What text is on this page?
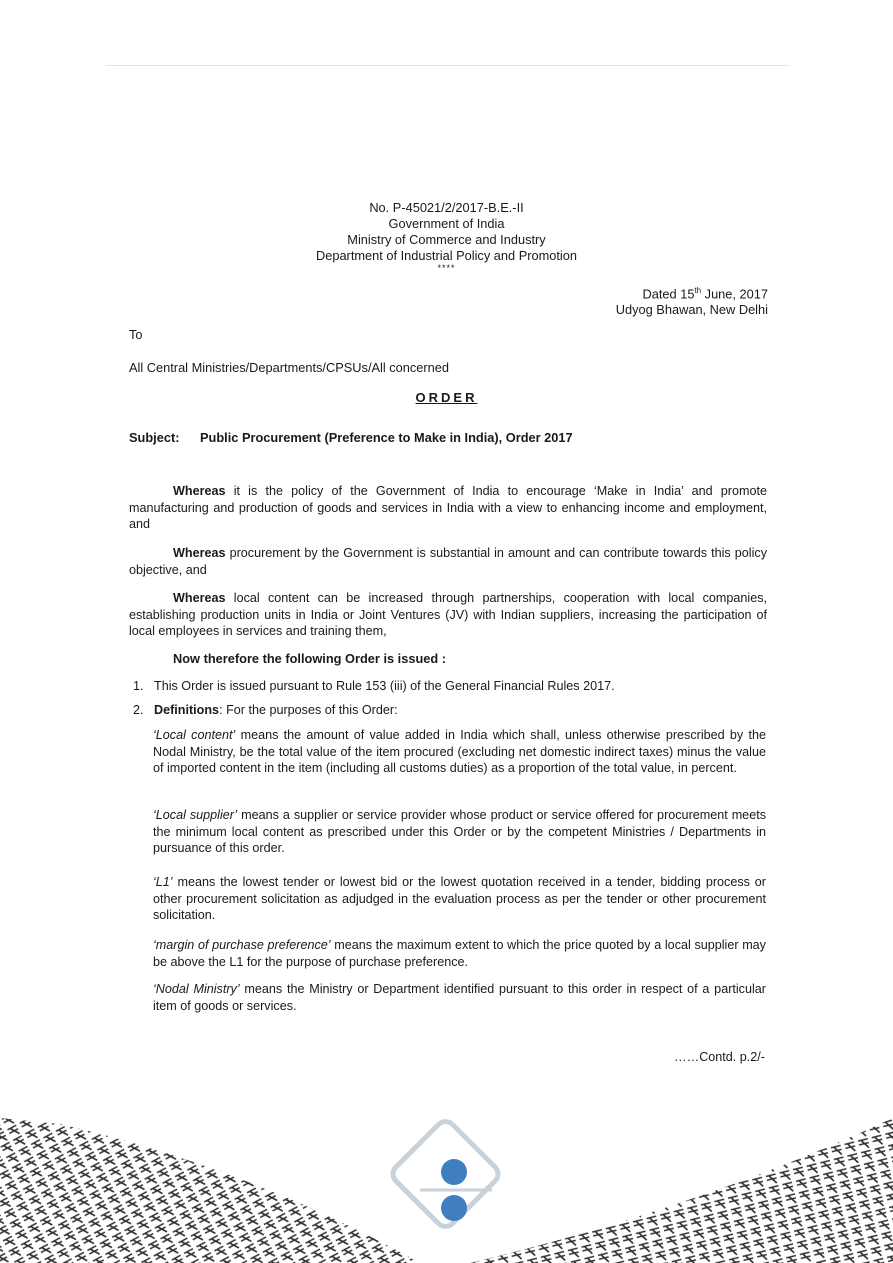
No. P-45021/2/2017-B.E.-II
Government of India
Ministry of Commerce and Industry
Department of Industrial Policy and Promotion
****
Dated 15th June, 2017
Udyog Bhawan, New Delhi
To
All Central Ministries/Departments/CPSUs/All concerned
ORDER
Subject: Public Procurement (Preference to Make in India), Order 2017
Whereas it is the policy of the Government of India to encourage ‘Make in India’ and promote manufacturing and production of goods and services in India with a view to enhancing income and employment, and
Whereas procurement by the Government is substantial in amount and can contribute towards this policy objective, and
Whereas local content can be increased through partnerships, cooperation with local companies, establishing production units in India or Joint Ventures (JV) with Indian suppliers, increasing the participation of local employees in services and training them,
Now therefore the following Order is issued :
1. This Order is issued pursuant to Rule 153 (iii) of the General Financial Rules 2017.
2. Definitions: For the purposes of this Order:
‘Local content’ means the amount of value added in India which shall, unless otherwise prescribed by the Nodal Ministry, be the total value of the item procured (excluding net domestic indirect taxes) minus the value of imported content in the item (including all customs duties) as a proportion of the total value, in percent.
‘Local supplier’ means a supplier or service provider whose product or service offered for procurement meets the minimum local content as prescribed under this Order or by the competent Ministries / Departments in pursuance of this order.
‘L1’ means the lowest tender or lowest bid or the lowest quotation received in a tender, bidding process or other procurement solicitation as adjudged in the evaluation process as per the tender or other procurement solicitation.
‘margin of purchase preference’ means the maximum extent to which the price quoted by a local supplier may be above the L1 for the purpose of purchase preference.
‘Nodal Ministry’ means the Ministry or Department identified pursuant to this order in respect of a particular item of goods or services.
……Contd. p.2/-
